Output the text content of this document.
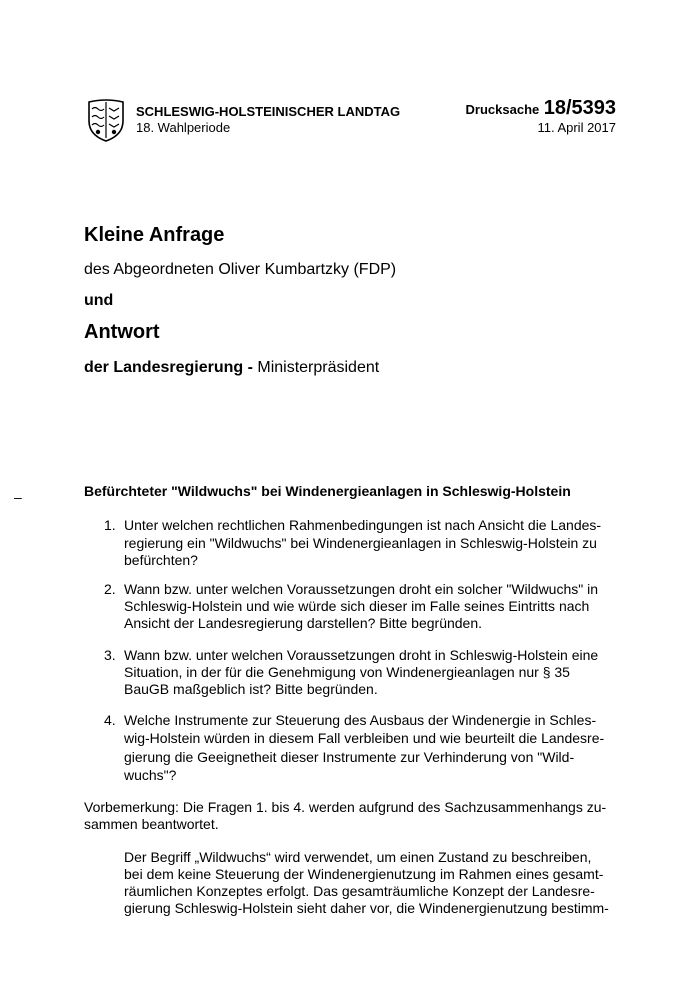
SCHLESWIG-HOLSTEINISCHER LANDTAG
18. Wahlperiode
Drucksache 18/5393
11. April 2017
Kleine Anfrage
des Abgeordneten Oliver Kumbartzky (FDP)
und
Antwort
der Landesregierung - Ministerpräsident
–	Befürchteter "Wildwuchs" bei Windenergieanlagen in Schleswig-Holstein
1. Unter welchen rechtlichen Rahmenbedingungen ist nach Ansicht die Landes-
regierung ein "Wildwuchs" bei Windenergieanlagen in Schleswig-Holstein zu
befürchten?
2. Wann bzw. unter welchen Voraussetzungen droht ein solcher "Wildwuchs" in
Schleswig-Holstein und wie würde sich dieser im Falle seines Eintritts nach
Ansicht der Landesregierung darstellen? Bitte begründen.
3. Wann bzw. unter welchen Voraussetzungen droht in Schleswig-Holstein eine
Situation, in der für die Genehmigung von Windenergieanlagen nur § 35
BauGB maßgeblich ist? Bitte begründen.
4. Welche Instrumente zur Steuerung des Ausbaus der Windenergie in Schles-
wig-Holstein würden in diesem Fall verbleiben und wie beurteilt die Landesre-
gierung die Geeignetheit dieser Instrumente zur Verhinderung von "Wild-
wuchs"?
Vorbemerkung: Die Fragen 1. bis 4. werden aufgrund des Sachzusammenhangs zu-
sammen beantwortet.
Der Begriff „Wildwuchs“ wird verwendet, um einen Zustand zu beschreiben,
bei dem keine Steuerung der Windenergienutzung im Rahmen eines gesamt-
räumlichen Konzeptes erfolgt. Das gesamträumliche Konzept der Landesre-
gierung Schleswig-Holstein sieht daher vor, die Windenergienutzung bestimm-
